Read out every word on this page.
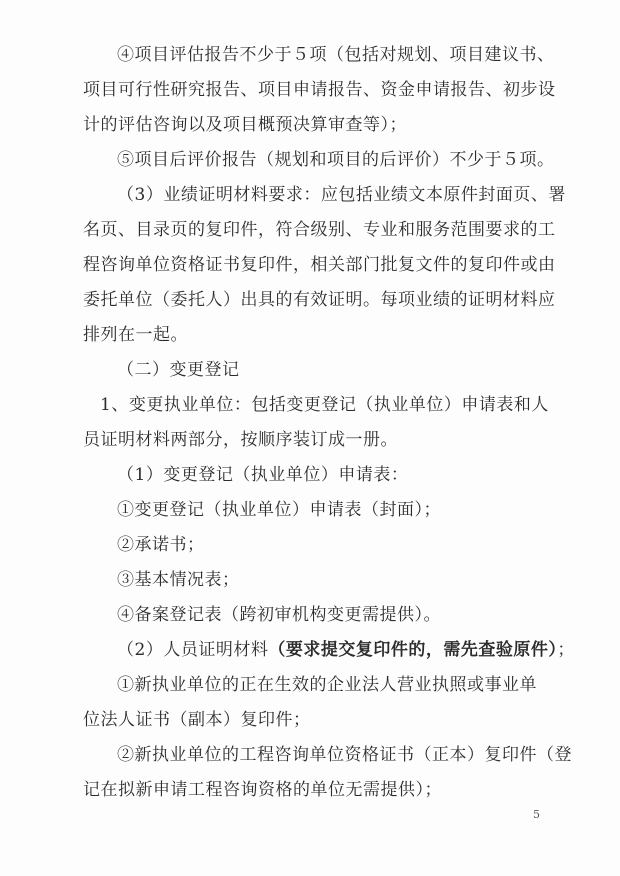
④项目评估报告不少于５项（包括对规划、项目建议书、
项目可行性研究报告、项目申请报告、资金申请报告、初步设
计的评估咨询以及项目概预决算审查等）；
⑤项目后评价报告（规划和项目的后评价）不少于５项。
（3）业绩证明材料要求：应包括业绩文本原件封面页、署
名页、目录页的复印件，符合级别、专业和服务范围要求的工
程咨询单位资格证书复印件，相关部门批复文件的复印件或由
委托单位（委托人）出具的有效证明。每项业绩的证明材料应
排列在一起。
（二）变更登记
1、变更执业单位：包括变更登记（执业单位）申请表和人
员证明材料两部分，按顺序装订成一册。
（1）变更登记（执业单位）申请表：
①变更登记（执业单位）申请表（封面）；
②承诺书；
③基本情况表；
④备案登记表（跨初审机构变更需提供）。
（2）人员证明材料（要求提交复印件的，需先查验原件）；
①新执业单位的正在生效的企业法人营业执照或事业单
位法人证书（副本）复印件；
②新执业单位的工程咨询单位资格证书（正本）复印件（登
记在拟新申请工程咨询资格的单位无需提供）；
5
